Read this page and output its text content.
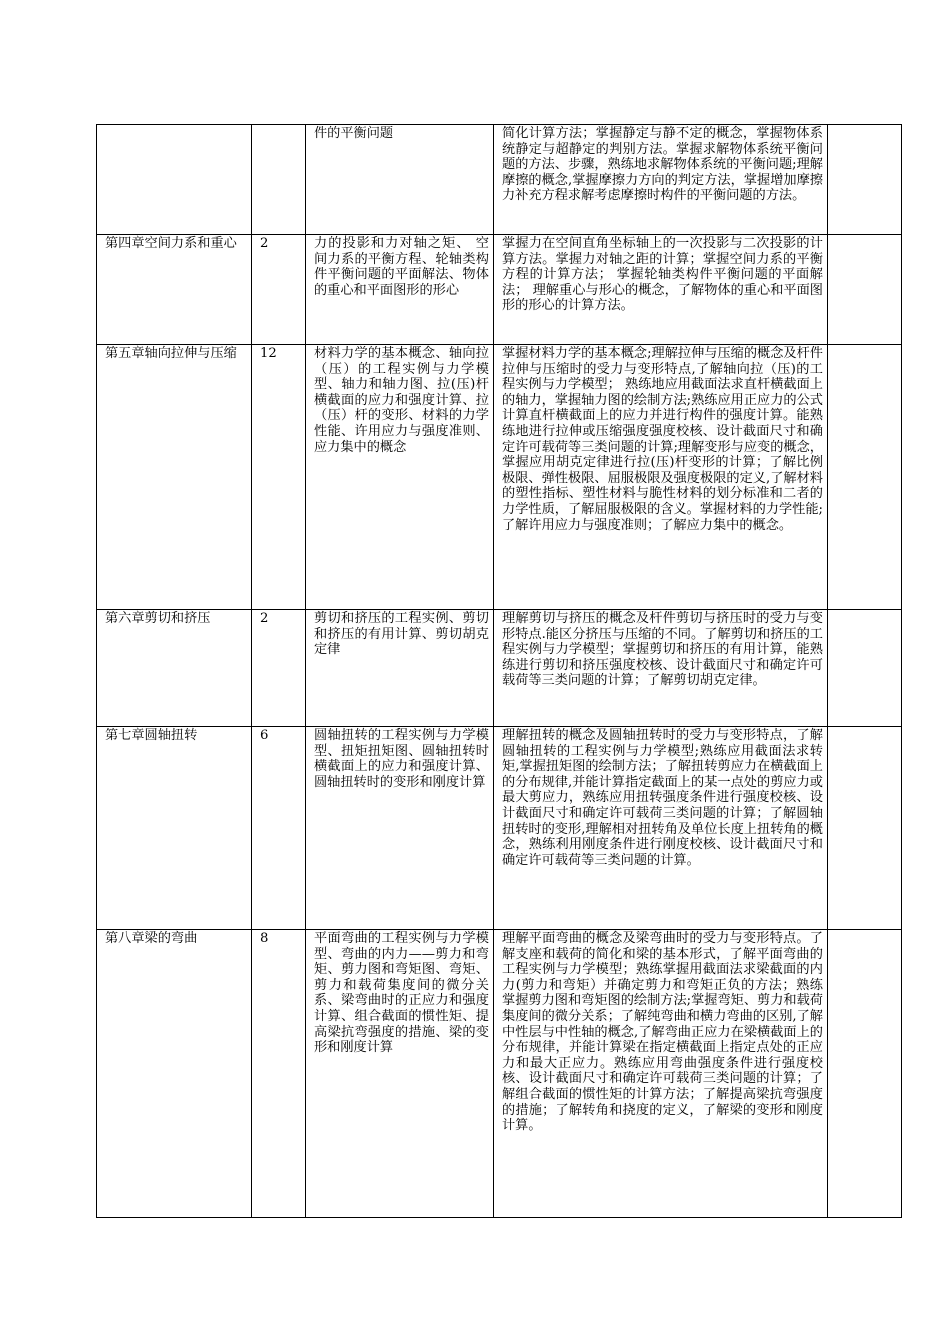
		件的平衡问题	简化计算方法；掌握静定与静不定的概念，掌握物体系统静定与超静定的判别方法。掌握求解物体系统平衡问题的方法、步骤，熟练地求解物体系统的平衡问题;理解摩擦的概念,掌握摩擦力方向的判定方法，掌握增加摩擦力补充方程求解考虑摩擦时构件的平衡问题的方法。	
第四章空间力系和重心	2	力的投影和力对轴之矩、 空间力系的平衡方程、轮轴类构件平衡问题的平面解法、物体的重心和平面图形的形心	掌握力在空间直角坐标轴上的一次投影与二次投影的计算方法。掌握力对轴之距的计算；掌握空间力系的平衡方程的计算方法； 掌握轮轴类构件平衡问题的平面解法； 理解重心与形心的概念，了解物体的重心和平面图形的形心的计算方法。	
第五章轴向拉伸与压缩	12	材料力学的基本概念、轴向拉（压）的工程实例与力学模型、轴力和轴力图、拉(压)杆横截面的应力和强度计算、拉（压）杆的变形、材料的力学性能、许用应力与强度准则、应力集中的概念	掌握材料力学的基本概念;理解拉伸与压缩的概念及杆件拉伸与压缩时的受力与变形特点,了解轴向拉（压)的工程实例与力学模型； 熟练地应用截面法求直杆横截面上的轴力，掌握轴力图的绘制方法;熟练应用正应力的公式计算直杆横截面上的应力并进行构件的强度计算。能熟练地进行拉伸或压缩强度强度校核、设计截面尺寸和确定许可载荷等三类问题的计算;理解变形与应变的概念，掌握应用胡克定律进行拉(压)杆变形的计算；了解比例极限、弹性极限、屈服极限及强度极限的定义,了解材料的塑性指标、塑性材料与脆性材料的划分标准和二者的力学性质，了解屈服极限的含义。掌握材料的力学性能;了解许用应力与强度准则；了解应力集中的概念。	
第六章剪切和挤压	2	剪切和挤压的工程实例、剪切和挤压的有用计算、剪切胡克定律	理解剪切与挤压的概念及杆件剪切与挤压时的受力与变形特点.能区分挤压与压缩的不同。了解剪切和挤压的工程实例与力学模型；掌握剪切和挤压的有用计算，能熟练进行剪切和挤压强度校核、设计截面尺寸和确定许可载荷等三类问题的计算；了解剪切胡克定律。	
第七章圆轴扭转	6	圆轴扭转的工程实例与力学模型、扭矩扭矩图、圆轴扭转时横截面上的应力和强度计算、圆轴扭转时的变形和刚度计算	理解扭转的概念及圆轴扭转时的受力与变形特点，了解圆轴扭转的工程实例与力学模型;熟练应用截面法求转矩,掌握扭矩图的绘制方法；了解扭转剪应力在横截面上的分布规律,并能计算指定截面上的某一点处的剪应力或最大剪应力，熟练应用扭转强度条件进行强度校核、设计截面尺寸和确定许可载荷三类问题的计算；了解圆轴扭转时的变形,理解相对扭转角及单位长度上扭转角的概念，熟练利用刚度条件进行刚度校核、设计截面尺寸和确定许可载荷等三类问题的计算。	
第八章梁的弯曲	8	平面弯曲的工程实例与力学模型、弯曲的内力——剪力和弯矩、剪力图和弯矩图、弯矩、剪力和载荷集度间的微分关系、梁弯曲时的正应力和强度计算、组合截面的惯性矩、提高梁抗弯强度的措施、梁的变形和刚度计算	理解平面弯曲的概念及梁弯曲时的受力与变形特点。了解支座和载荷的简化和梁的基本形式，了解平面弯曲的工程实例与力学模型；熟练掌握用截面法求梁截面的内力(剪力和弯矩）并确定剪力和弯矩正负的方法；熟练掌握剪力图和弯矩图的绘制方法;掌握弯矩、剪力和载荷集度间的微分关系；了解纯弯曲和横力弯曲的区别,了解中性层与中性轴的概念,了解弯曲正应力在梁横截面上的分布规律，并能计算梁在指定横截面上指定点处的正应力和最大正应力。熟练应用弯曲强度条件进行强度校核、设计截面尺寸和确定许可载荷三类问题的计算；了解组合截面的惯性矩的计算方法；了解提高梁抗弯强度的措施；了解转角和挠度的定义，了解梁的变形和刚度计算。	
